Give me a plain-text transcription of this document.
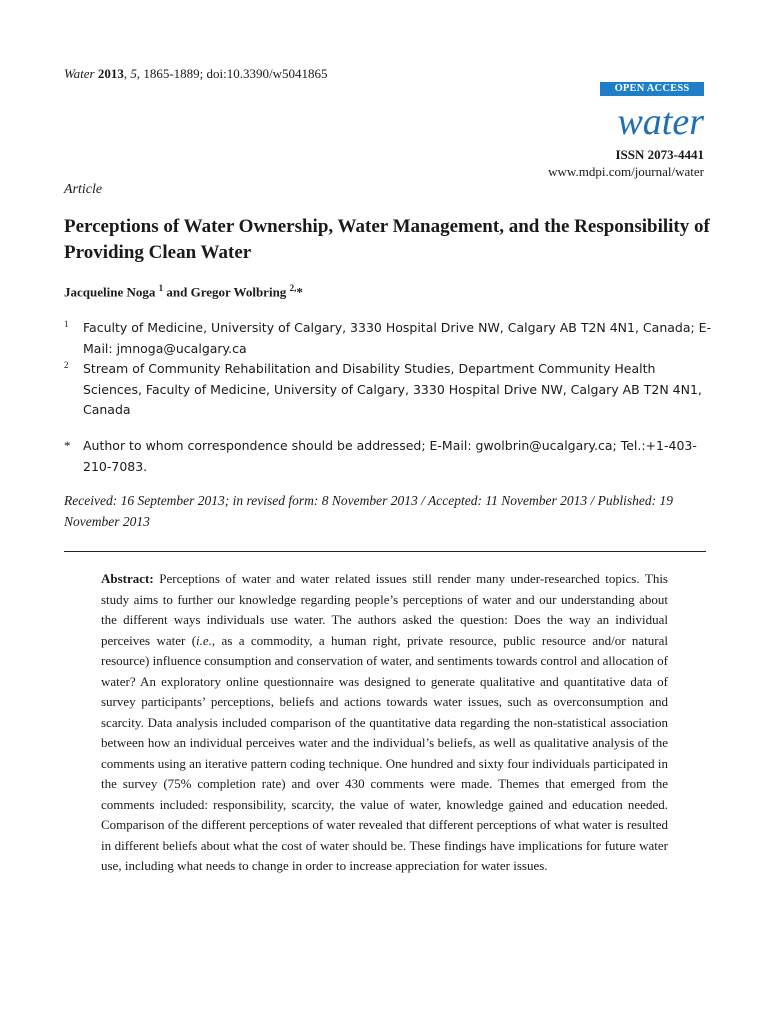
Water 2013, 5, 1865-1889; doi:10.3390/w5041865
OPEN ACCESS
water
ISSN 2073-4441
www.mdpi.com/journal/water
Article
Perceptions of Water Ownership, Water Management, and the Responsibility of Providing Clean Water
Jacqueline Noga $^1$ and Gregor Wolbring $^{2,}$*
1 Faculty of Medicine, University of Calgary, 3330 Hospital Drive NW, Calgary AB T2N 4N1, Canada; E-Mail: jmnoga@ucalgary.ca
2 Stream of Community Rehabilitation and Disability Studies, Department Community Health Sciences, Faculty of Medicine, University of Calgary, 3330 Hospital Drive NW, Calgary AB T2N 4N1, Canada
* Author to whom correspondence should be addressed; E-Mail: gwolbrin@ucalgary.ca; Tel.:+1-403-210-7083.
Received: 16 September 2013; in revised form: 8 November 2013 / Accepted: 11 November 2013 / Published: 19 November 2013

Abstract: Perceptions of water and water related issues still render many under-researched topics. This study aims to further our knowledge regarding people’s perceptions of water and our understanding about the different ways individuals use water. The authors asked the question: Does the way an individual perceives water (i.e., as a commodity, a human right, private resource, public resource and/or natural resource) influence consumption and conservation of water, and sentiments towards control and allocation of water? An exploratory online questionnaire was designed to generate qualitative and quantitative data of survey participants’ perceptions, beliefs and actions towards water issues, such as overconsumption and scarcity. Data analysis included comparison of the quantitative data regarding the non-statistical association between how an individual perceives water and the individual’s beliefs, as well as qualitative analysis of the comments using an iterative pattern coding technique. One hundred and sixty four individuals participated in the survey (75% completion rate) and over 430 comments were made. Themes that emerged from the comments included: responsibility, scarcity, the value of water, knowledge gained and education needed. Comparison of the different perceptions of water revealed that different perceptions of what water is resulted in different beliefs about what the cost of water should be. These findings have implications for future water use, including what needs to change in order to increase appreciation for water issues.
